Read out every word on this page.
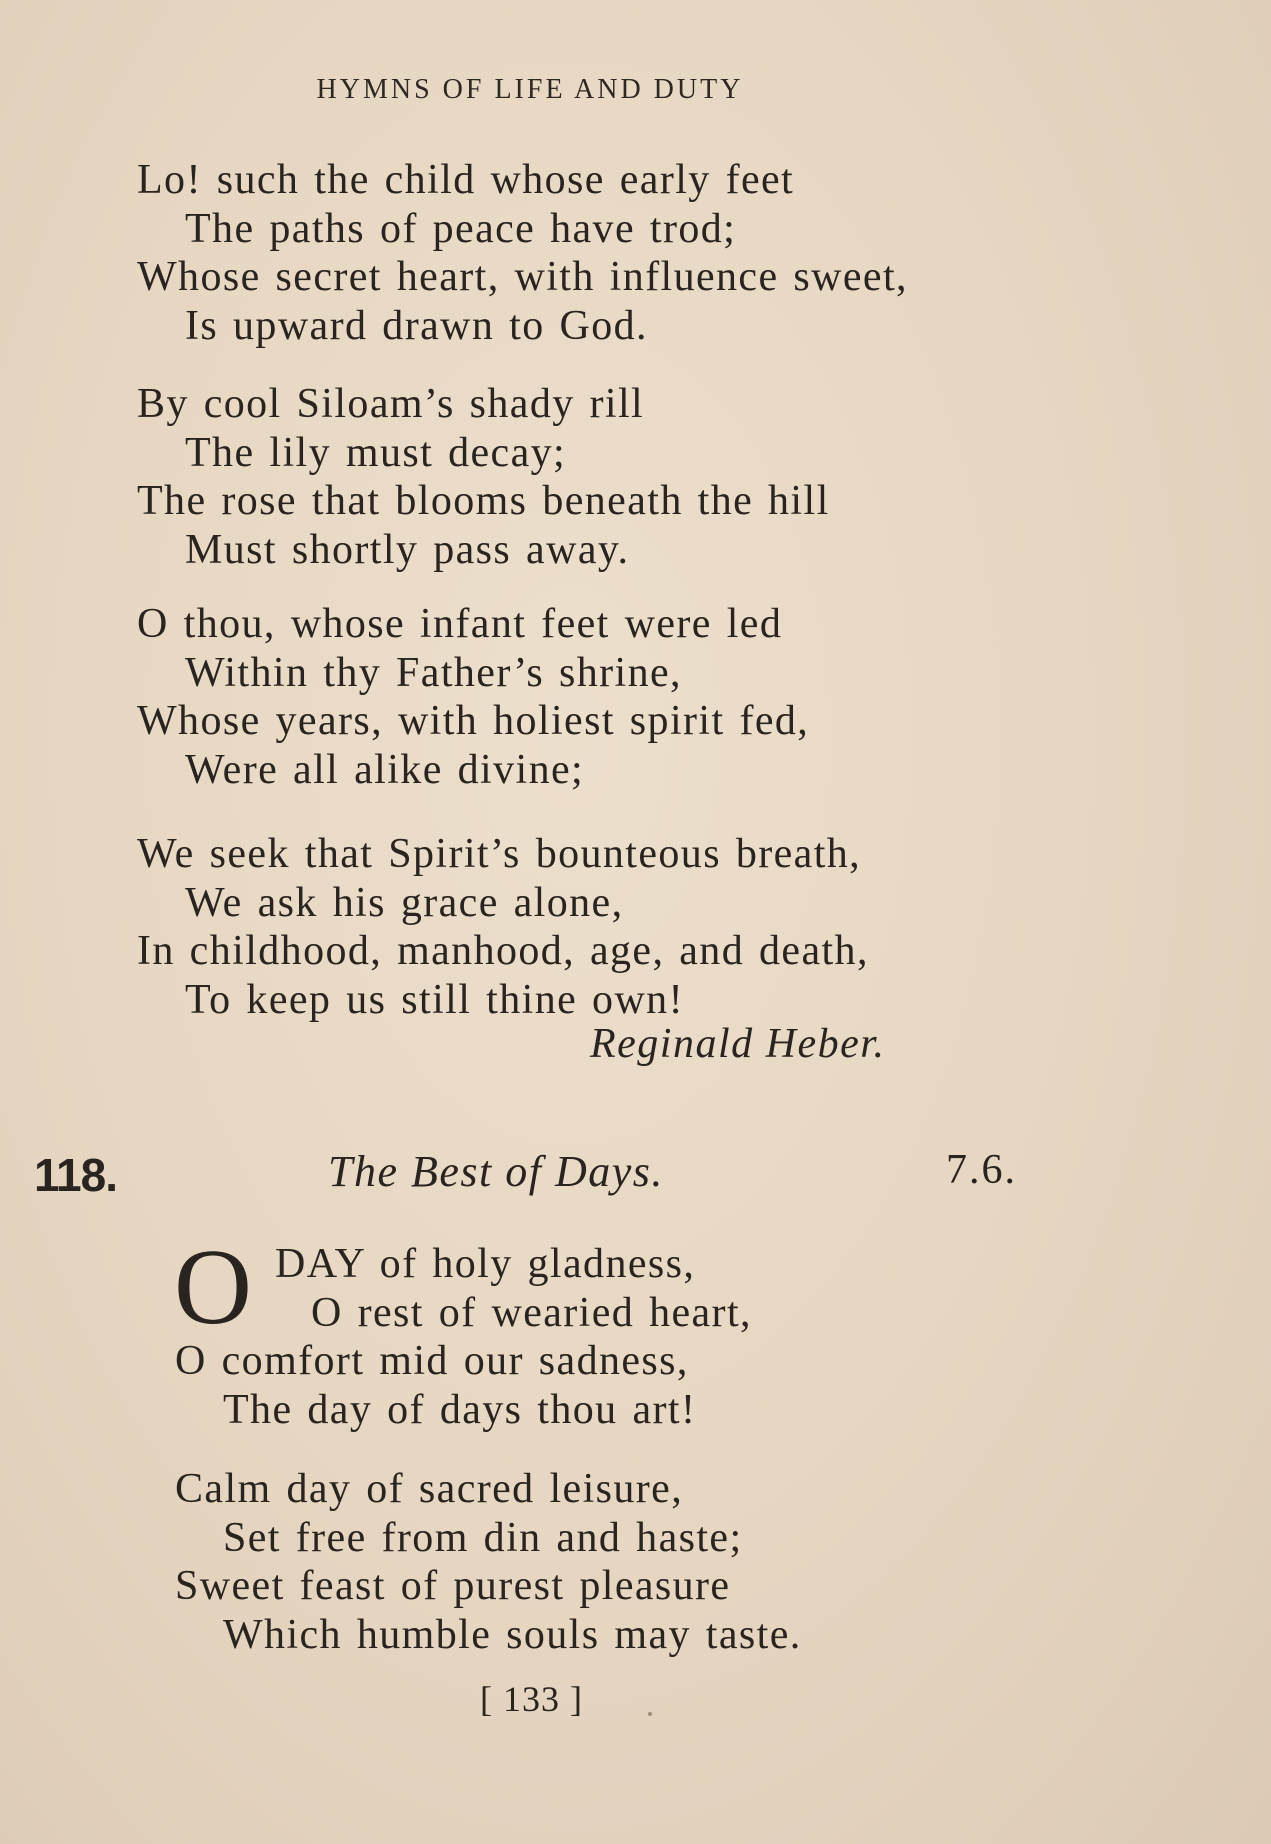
HYMNS OF LIFE AND DUTY
Lo! such the child whose early feet
The paths of peace have trod;
Whose secret heart, with influence sweet,
Is upward drawn to God.
By cool Siloam’s shady rill
The lily must decay;
The rose that blooms beneath the hill
Must shortly pass away.
O thou, whose infant feet were led
Within thy Father’s shrine,
Whose years, with holiest spirit fed,
Were all alike divine;
We seek that Spirit’s bounteous breath,
We ask his grace alone,
In childhood, manhood, age, and death,
To keep us still thine own!
Reginald Heber.
118.	The Best of Days.	7.6.
O DAY of holy gladness,
O rest of wearied heart,
O comfort mid our sadness,
The day of days thou art!
Calm day of sacred leisure,
Set free from din and haste;
Sweet feast of purest pleasure
Which humble souls may taste.
[ 133 ]
